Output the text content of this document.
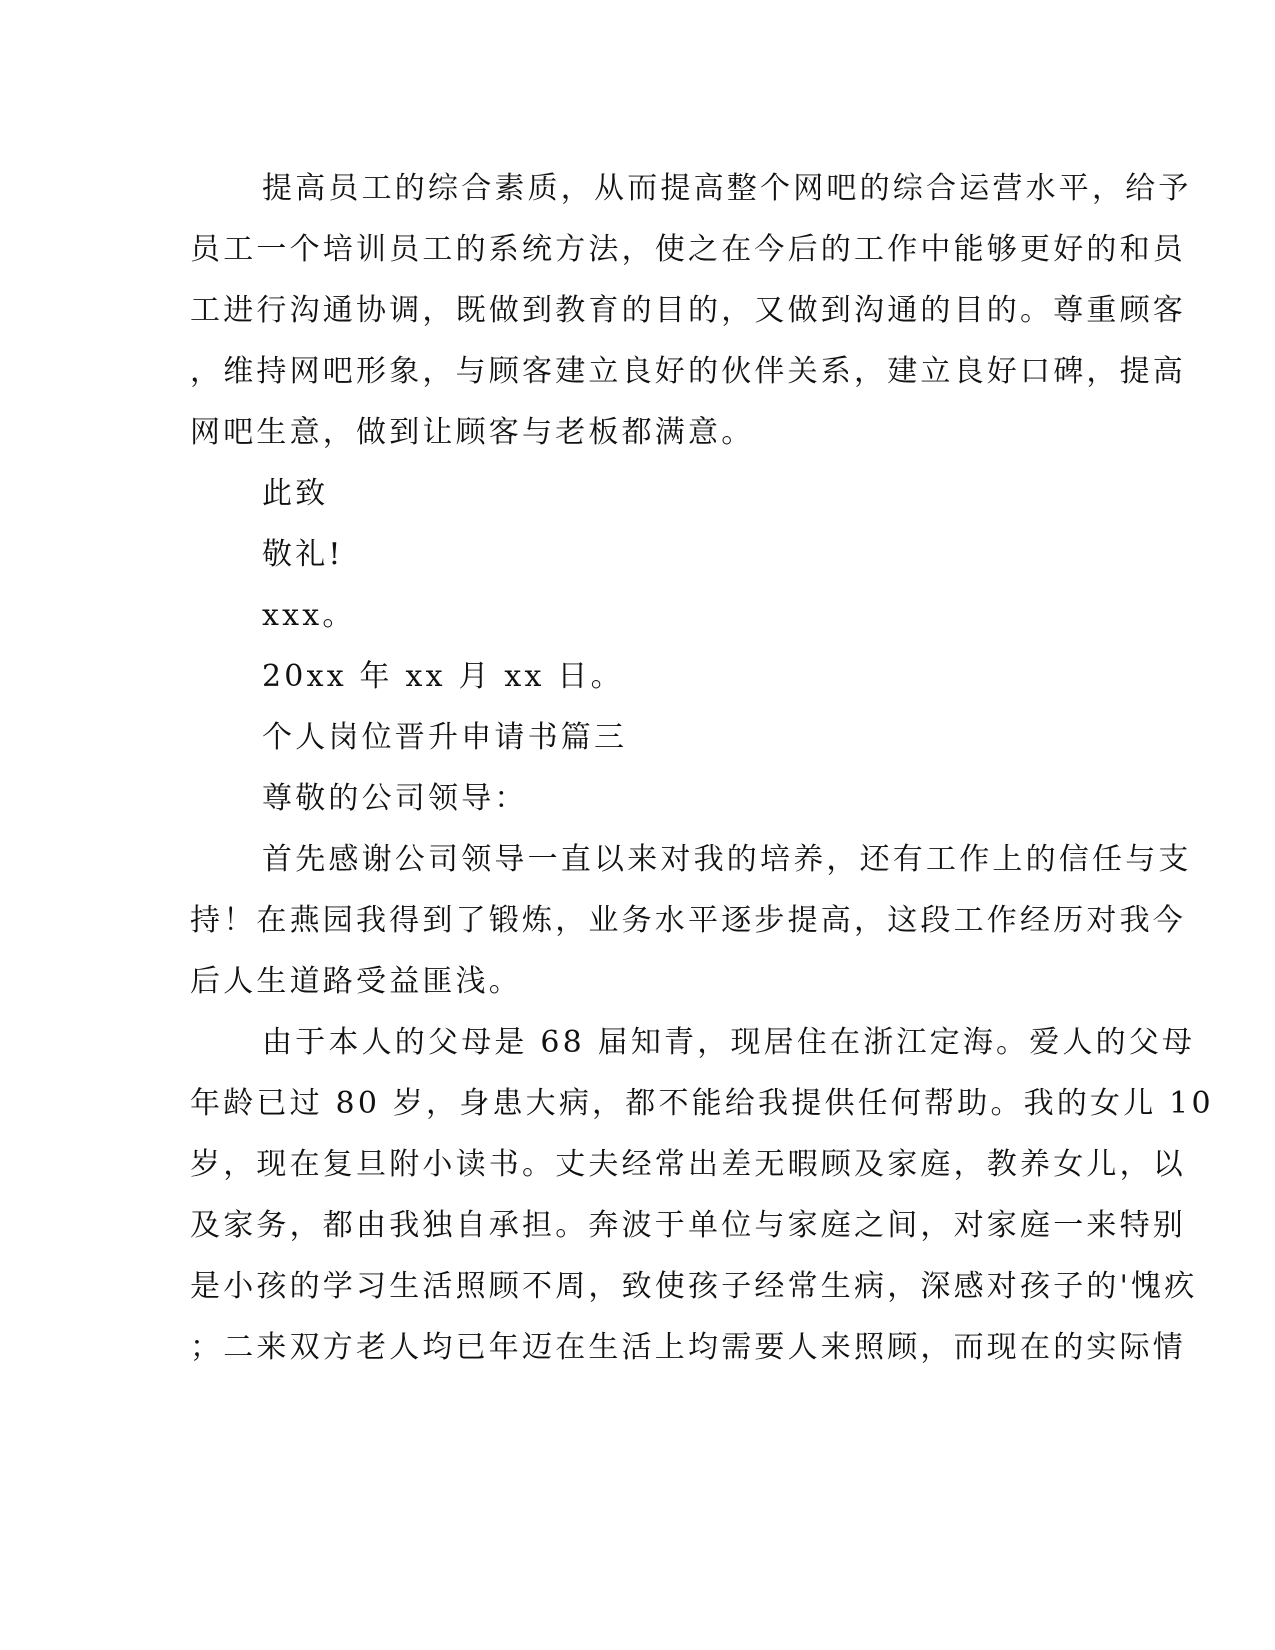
提高员工的综合素质，从而提高整个网吧的综合运营水平，给予

员工一个培训员工的系统方法，使之在今后的工作中能够更好的和员

工进行沟通协调，既做到教育的目的，又做到沟通的目的。尊重顾客

，维持网吧形象，与顾客建立良好的伙伴关系，建立良好口碑，提高

网吧生意，做到让顾客与老板都满意。

此致

敬礼!

xxx。

20xx 年 xx 月 xx 日。

个人岗位晋升申请书篇三

尊敬的公司领导：

首先感谢公司领导一直以来对我的培养，还有工作上的信任与支

持！在燕园我得到了锻炼，业务水平逐步提高，这段工作经历对我今

后人生道路受益匪浅。

由于本人的父母是 68 届知青，现居住在浙江定海。爱人的父母

年龄已过 80 岁，身患大病，都不能给我提供任何帮助。我的女儿 10

岁，现在复旦附小读书。丈夫经常出差无暇顾及家庭，教养女儿，以

及家务，都由我独自承担。奔波于单位与家庭之间，对家庭一来特别

是小孩的学习生活照顾不周，致使孩子经常生病，深感对孩子的'愧疚

；二来双方老人均已年迈在生活上均需要人来照顾，而现在的实际情
